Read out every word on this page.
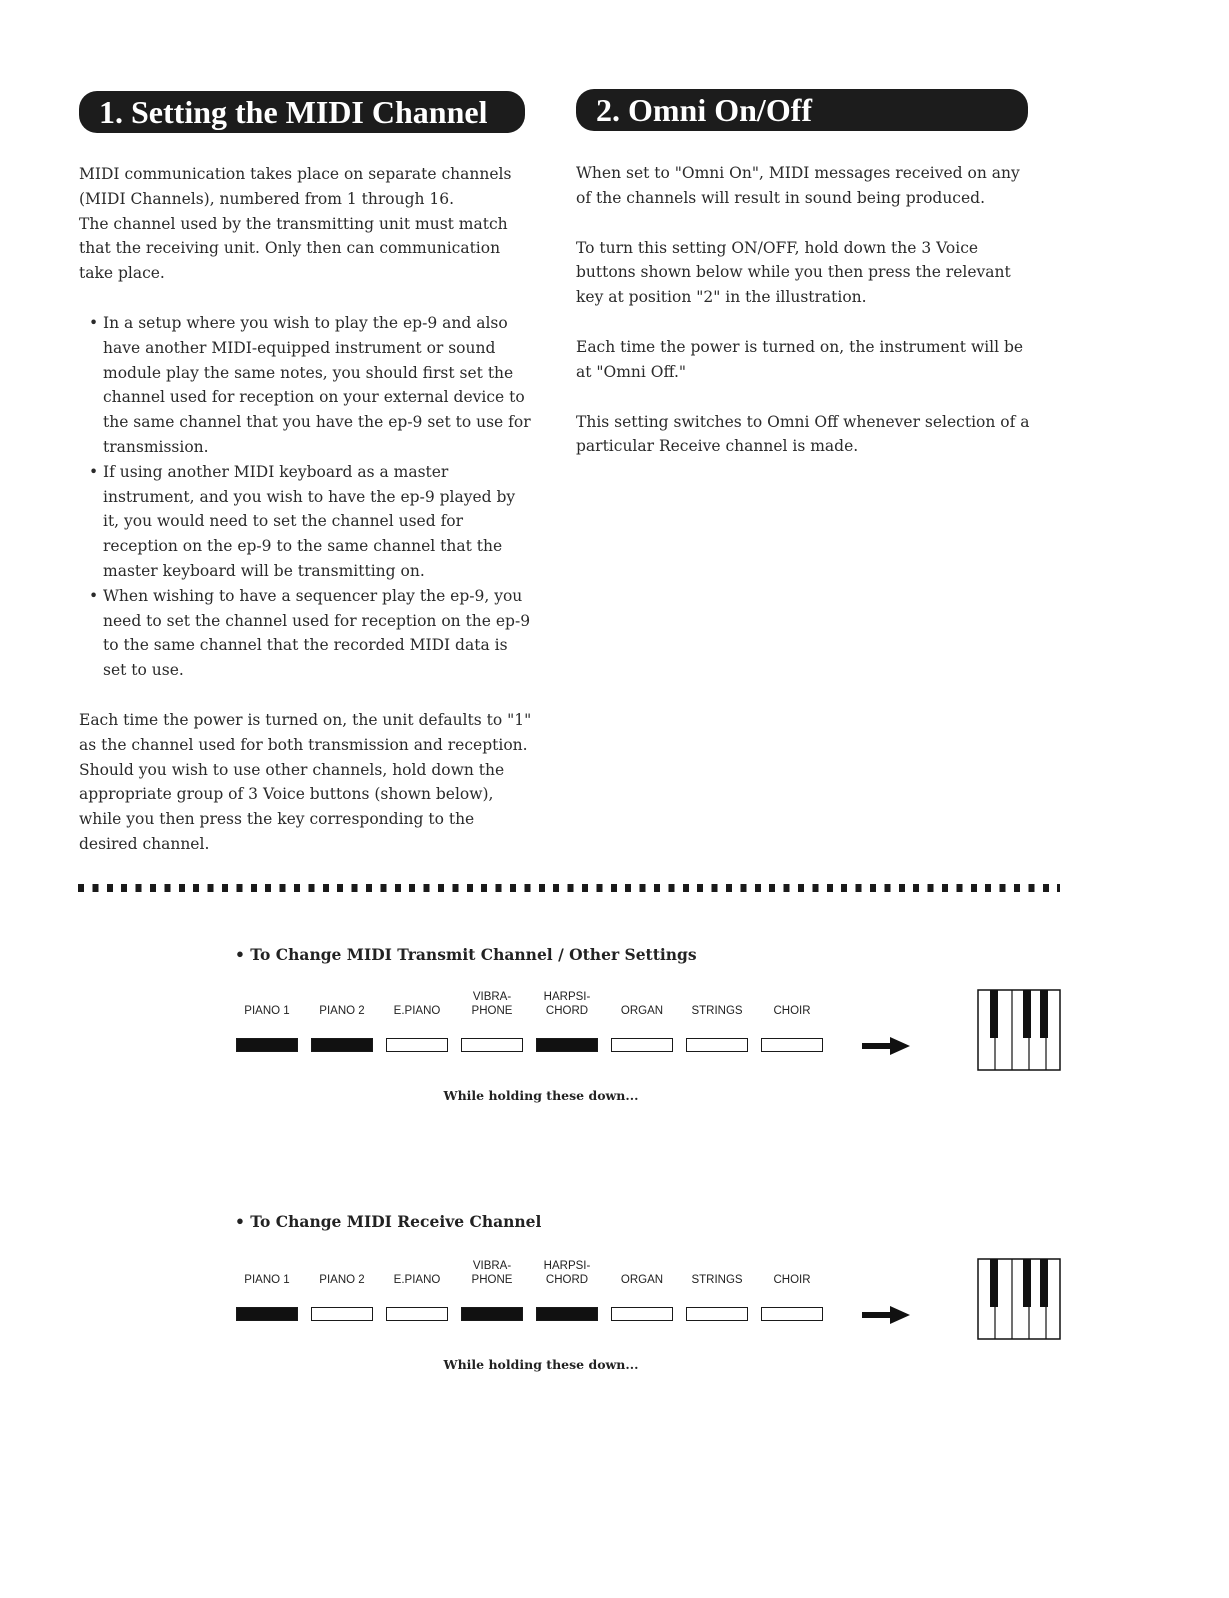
1. Setting the MIDI Channel

MIDI communication takes place on separate channels (MIDI Channels), numbered from 1 through 16.

The channel used by the transmitting unit must match that the receiving unit. Only then can communication take place.

• In a setup where you wish to play the ep-9 and also have another MIDI-equipped instrument or sound module play the same notes, you should first set the channel used for reception on your external device to the same channel that you have the ep-9 set to use for transmission.
• If using another MIDI keyboard as a master instrument, and you wish to have the ep-9 played by it, you would need to set the channel used for reception on the ep-9 to the same channel that the master keyboard will be transmitting on.
• When wishing to have a sequencer play the ep-9, you need to set the channel used for reception on the ep-9 to the same channel that the recorded MIDI data is set to use.

Each time the power is turned on, the unit defaults to "1" as the channel used for both transmission and reception. Should you wish to use other channels, hold down the appropriate group of 3 Voice buttons (shown below), while you then press the key corresponding to the desired channel.

2. Omni On/Off

When set to "Omni On", MIDI messages received on any of the channels will result in sound being produced.

To turn this setting ON/OFF, hold down the 3 Voice buttons shown below while you then press the relevant key at position "2" in the illustration.

Each time the power is turned on, the instrument will be at "Omni Off."

This setting switches to Omni Off whenever selection of a particular Receive channel is made.

• To Change MIDI Transmit Channel / Other Settings
PIANO 1	PIANO 2	E.PIANO
VIBRA-
PHONE
HARPSI-
CHORD	ORGAN	STRINGS	CHOIR
While holding these down...
• To Change MIDI Receive Channel
PIANO 1	PIANO 2	E.PIANO
VIBRA-
PHONE
HARPSI-
CHORD	ORGAN	STRINGS	CHOIR
While holding these down...
